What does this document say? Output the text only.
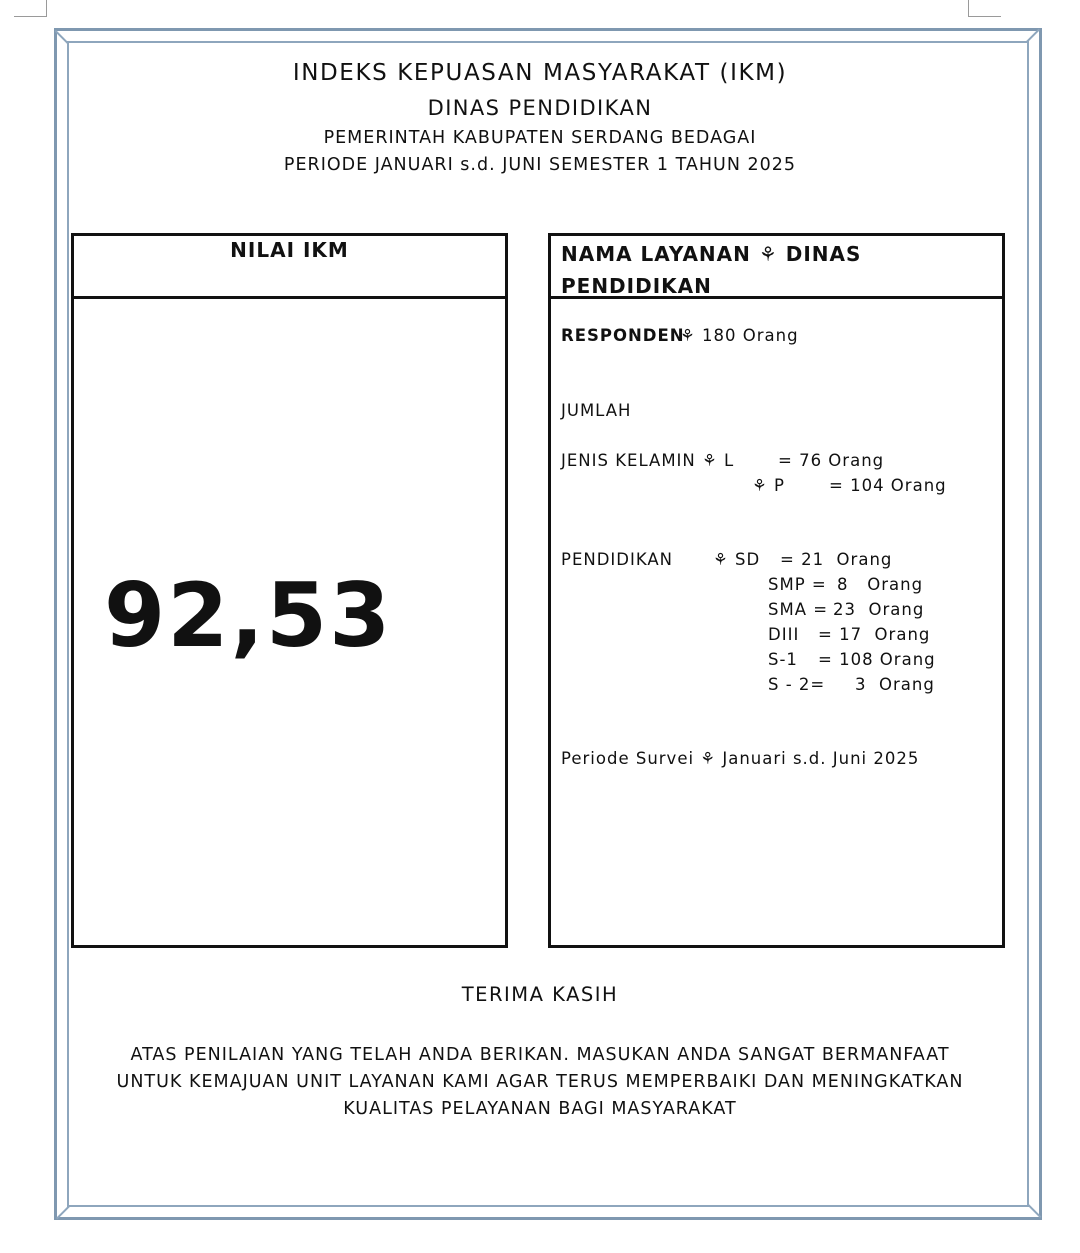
INDEKS KEPUASAN MASYARAKAT (IKM)
DINAS PENDIDIKAN
PEMERINTAH KABUPATEN SERDANG BEDAGAI
PERIODE JANUARI s.d. JUNI SEMESTER 1 TAHUN 2025
NILAI IKM
92,53
NAMA LAYANAN ⚘ DINAS
PENDIDIKAN
RESPONDEN
⚘ 180 Orang
JUMLAH
JENIS KELAMIN ⚘ L	= 76 Orang
⚘ P	= 104 Orang
PENDIDIKAN ⚘ SD = 21  Orang
SMP = 8   Orang
SMA = 23  Orang
DIII = 17  Orang
S-1 = 108 Orang
S - 2= 3  Orang
Periode Survei ⚘ Januari s.d. Juni 2025
TERIMA KASIH
ATAS PENILAIAN YANG TELAH ANDA BERIKAN. MASUKAN ANDA SANGAT BERMANFAAT
UNTUK KEMAJUAN UNIT LAYANAN KAMI AGAR TERUS MEMPERBAIKI DAN MENINGKATKAN
KUALITAS PELAYANAN BAGI MASYARAKAT
